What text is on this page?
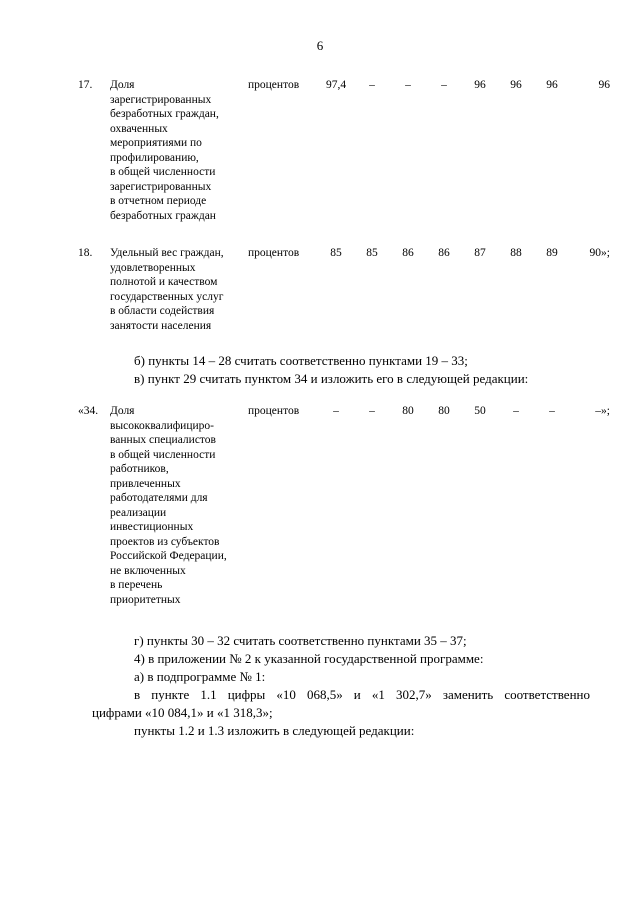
6
17.	Доля
зарегистрированных
безработных граждан,
охваченных
мероприятиями по
профилированию,
в общей численности
зарегистрированных
в отчетном периоде
безработных граждан
	процентов	97,4	–	–	–	96	96	96	96
18.	Удельный вес граждан,
удовлетворенных
полнотой и качеством
государственных услуг
в области содействия
занятости населения
	процентов	85	85	86	86	87	88	89	90»;
б) пункты 14 – 28 считать соответственно пунктами 19 – 33;
в) пункт 29 считать пунктом 34 и изложить его в следующей редакции:
«34.	Доля
высококвалифициро-
ванных специалистов
в общей численности
работников,
привлеченных
работодателями для
реализации
инвестиционных
проектов из субъектов
Российской Федерации,
не включенных
в перечень
приоритетных
	процентов	–	–	80	80	50	–	–	–»;
г) пункты 30 – 32 считать соответственно пунктами 35 – 37;
4) в приложении № 2 к указанной государственной программе:
а) в подпрограмме № 1:
в пункте 1.1 цифры «10 068,5» и «1 302,7» заменить соответственно
цифрами «10 084,1» и «1 318,3»;
пункты 1.2 и 1.3 изложить в следующей редакции:
